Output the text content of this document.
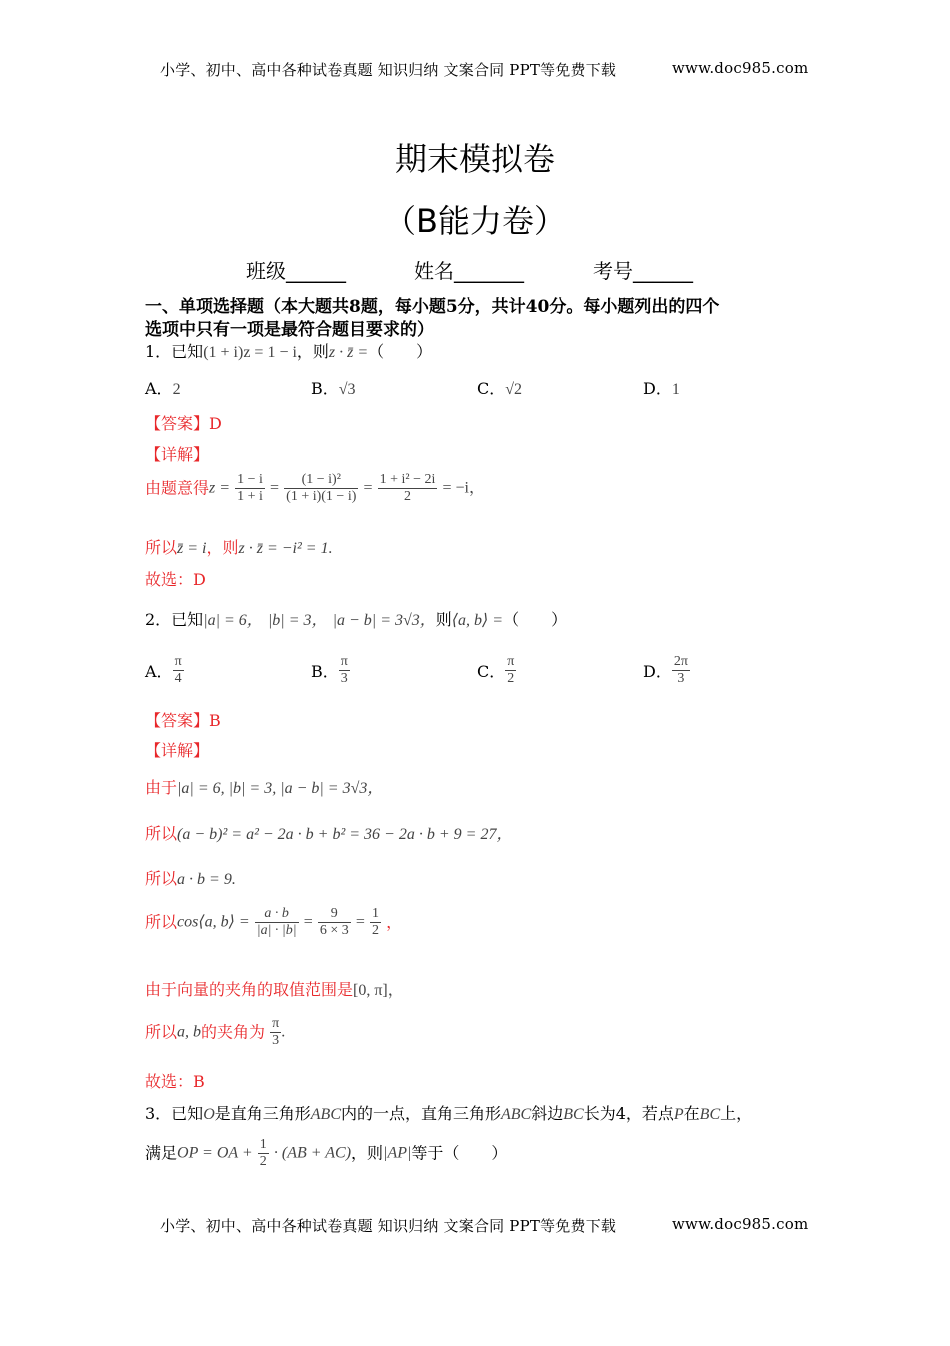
小学、初中、高中各种试卷真题 知识归纳 文案合同 PPT等免费下载	www.doc985.com
期末模拟卷
（B能力卷）
班级______	姓名_______	考号______
一、单项选择题（本大题共8题，每小题5分，共计40分。每小题列出的四个
选项中只有一项是最符合题目要求的）
1．已知(1 + i)z = 1 − i，则z · z̄ =（　　）
A．2	B．√3	C．√2	D．1
【答案】D
【详解】
由题意得$z = \frac{1 - i}{1 + i} = \frac{\text{(1 − i)²}}{(1 + i)(1 - i)} = \frac{\text{1 + i² − 2i}}{2} = -i$，
所以z̄ = i，则z · z̄ = −i² = 1.
故选：D
2．已知|a| = 6， |b| = 3， |a − b| = 3√3，则⟨a, b⟩ =（　　）
A． $\frac{\pi}{4}$	B． $\frac{\pi}{3}$	C． $\frac{\pi}{2}$	D． $\frac{2\pi}{3}$
【答案】B
【详解】
由于|a| = 6, |b| = 3, |a − b| = 3√3，
所以(a − b)² = a² − 2a · b + b² = 36 − 2a · b + 9 = 27，
所以a · b = 9.
所以cos⟨a, b⟩ = $\frac{a \cdot b}{|a| \cdot |b|} = \frac{9}{6 \times 3} = \frac{1}{2}$ ，
由于向量的夹角的取值范围是[0, π]，
所以a, b的夹角为 $\frac{\pi}{3}$ .
故选：B
3．已知O是直角三角形ABC内的一点，直角三角形ABC斜边BC长为4，若点P在BC上，
满足OP = OA + $\frac{1}{2} \cdot (AB + AC)$，则|AP|等于（　　）
小学、初中、高中各种试卷真题 知识归纳 文案合同 PPT等免费下载	www.doc985.com
